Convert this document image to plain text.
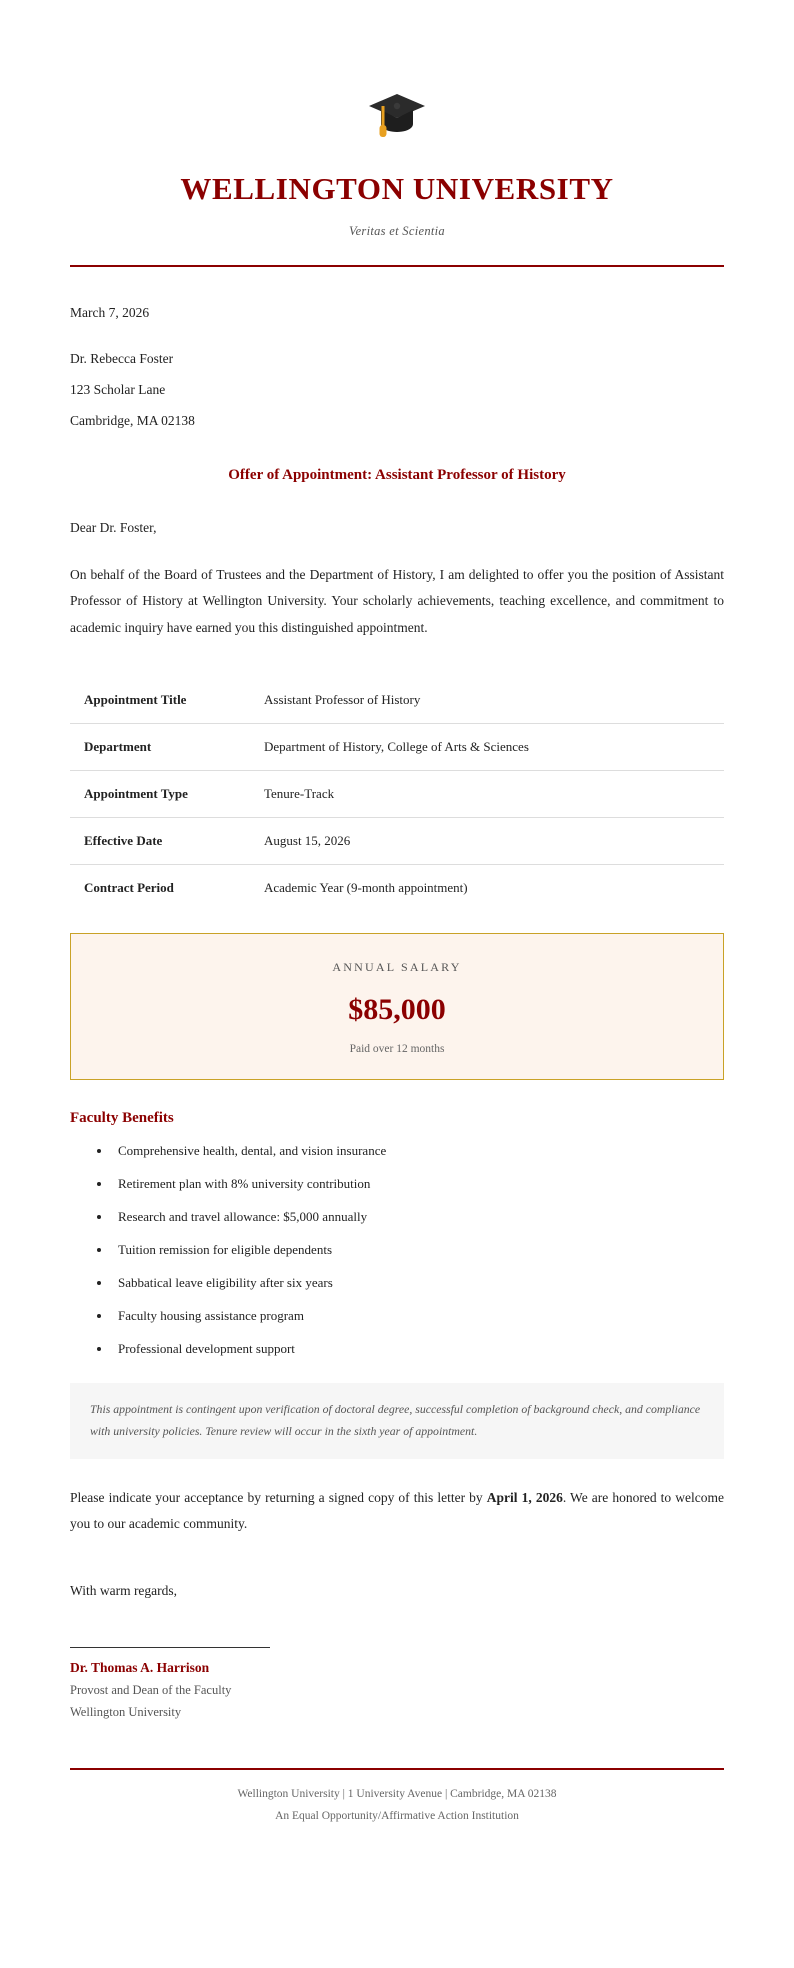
WELLINGTON UNIVERSITY

Veritas et Scientia

March 7, 2026
Dr. Rebecca Foster
123 Scholar Lane
Cambridge, MA 02138
Offer of Appointment: Assistant Professor of History

Dear Dr. Foster,

On behalf of the Board of Trustees and the Department of History, I am delighted to offer you the position of Assistant Professor of History at Wellington University. Your scholarly achievements, teaching excellence, and commitment to academic inquiry have earned you this distinguished appointment.

Appointment Title	Assistant Professor of History
Department	Department of History, College of Arts & Sciences
Appointment Type	Tenure-Track
Effective Date	August 15, 2026
Contract Period	Academic Year (9-month appointment)
ANNUAL SALARY
$85,000
Paid over 12 months
Faculty Benefits
• Comprehensive health, dental, and vision insurance
• Retirement plan with 8% university contribution
• Research and travel allowance: $5,000 annually
• Tuition remission for eligible dependents
• Sabbatical leave eligibility after six years
• Faculty housing assistance program
• Professional development support

This appointment is contingent upon verification of doctoral degree, successful completion of background check, and compliance with university policies. Tenure review will occur in the sixth year of appointment.

Please indicate your acceptance by returning a signed copy of this letter by April 1, 2026. We are honored to welcome you to our academic community.

With warm regards,

Dr. Thomas A. Harrison

Provost and Dean of the Faculty

Wellington University

Wellington University | 1 University Avenue | Cambridge, MA 02138
An Equal Opportunity/Affirmative Action Institution
